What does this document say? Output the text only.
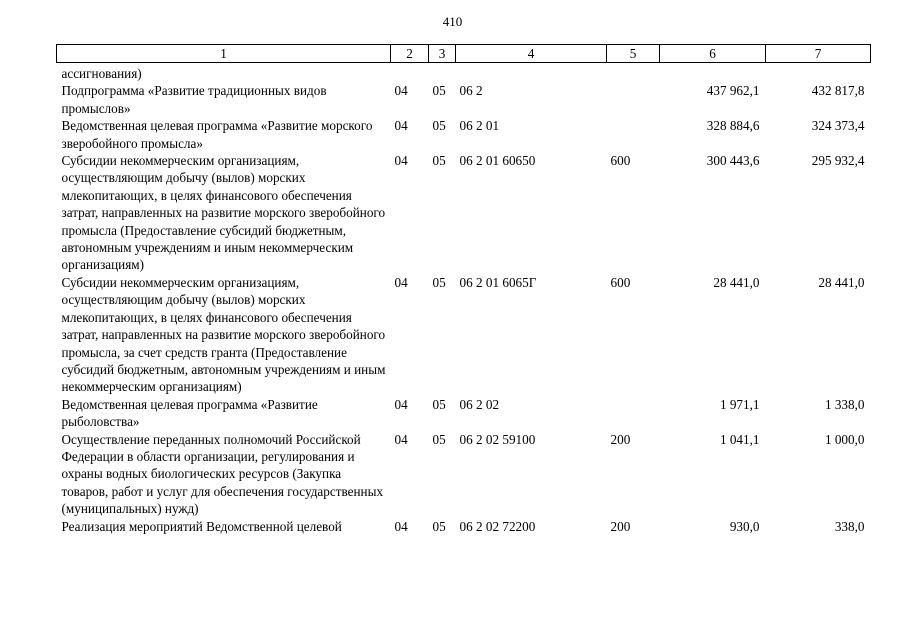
410
1	2	3	4	5	6	7
ассигнования)						
Подпрограмма «Развитие традиционных видов промыслов»	04	05	06 2		437 962,1	432 817,8
Ведомственная целевая программа «Развитие морского зверобойного промысла»	04	05	06 2 01		328 884,6	324 373,4
Субсидии некоммерческим организациям, осуществляющим добычу (вылов) морских млекопитающих, в целях финансового обеспечения затрат, направленных на развитие морского зверобойного промысла (Предоставление субсидий бюджетным, автономным учреждениям и иным некоммерческим организациям)	04	05	06 2 01 60650	600	300 443,6	295 932,4
Субсидии некоммерческим организациям, осуществляющим добычу (вылов) морских млекопитающих, в целях финансового обеспечения затрат, направленных на развитие морского зверобойного промысла, за счет средств гранта (Предоставление субсидий бюджетным, автономным учреждениям и иным некоммерческим организациям)	04	05	06 2 01 6065Г	600	28 441,0	28 441,0
Ведомственная целевая программа «Развитие рыболовства»	04	05	06 2 02		1 971,1	1 338,0
Осуществление переданных полномочий Российской Федерации в области организации, регулирования и охраны водных биологических ресурсов (Закупка товаров, работ и услуг для обеспечения государственных (муниципальных) нужд)	04	05	06 2 02 59100	200	1 041,1	1 000,0
Реализация мероприятий Ведомственной целевой	04	05	06 2 02 72200	200	930,0	338,0
